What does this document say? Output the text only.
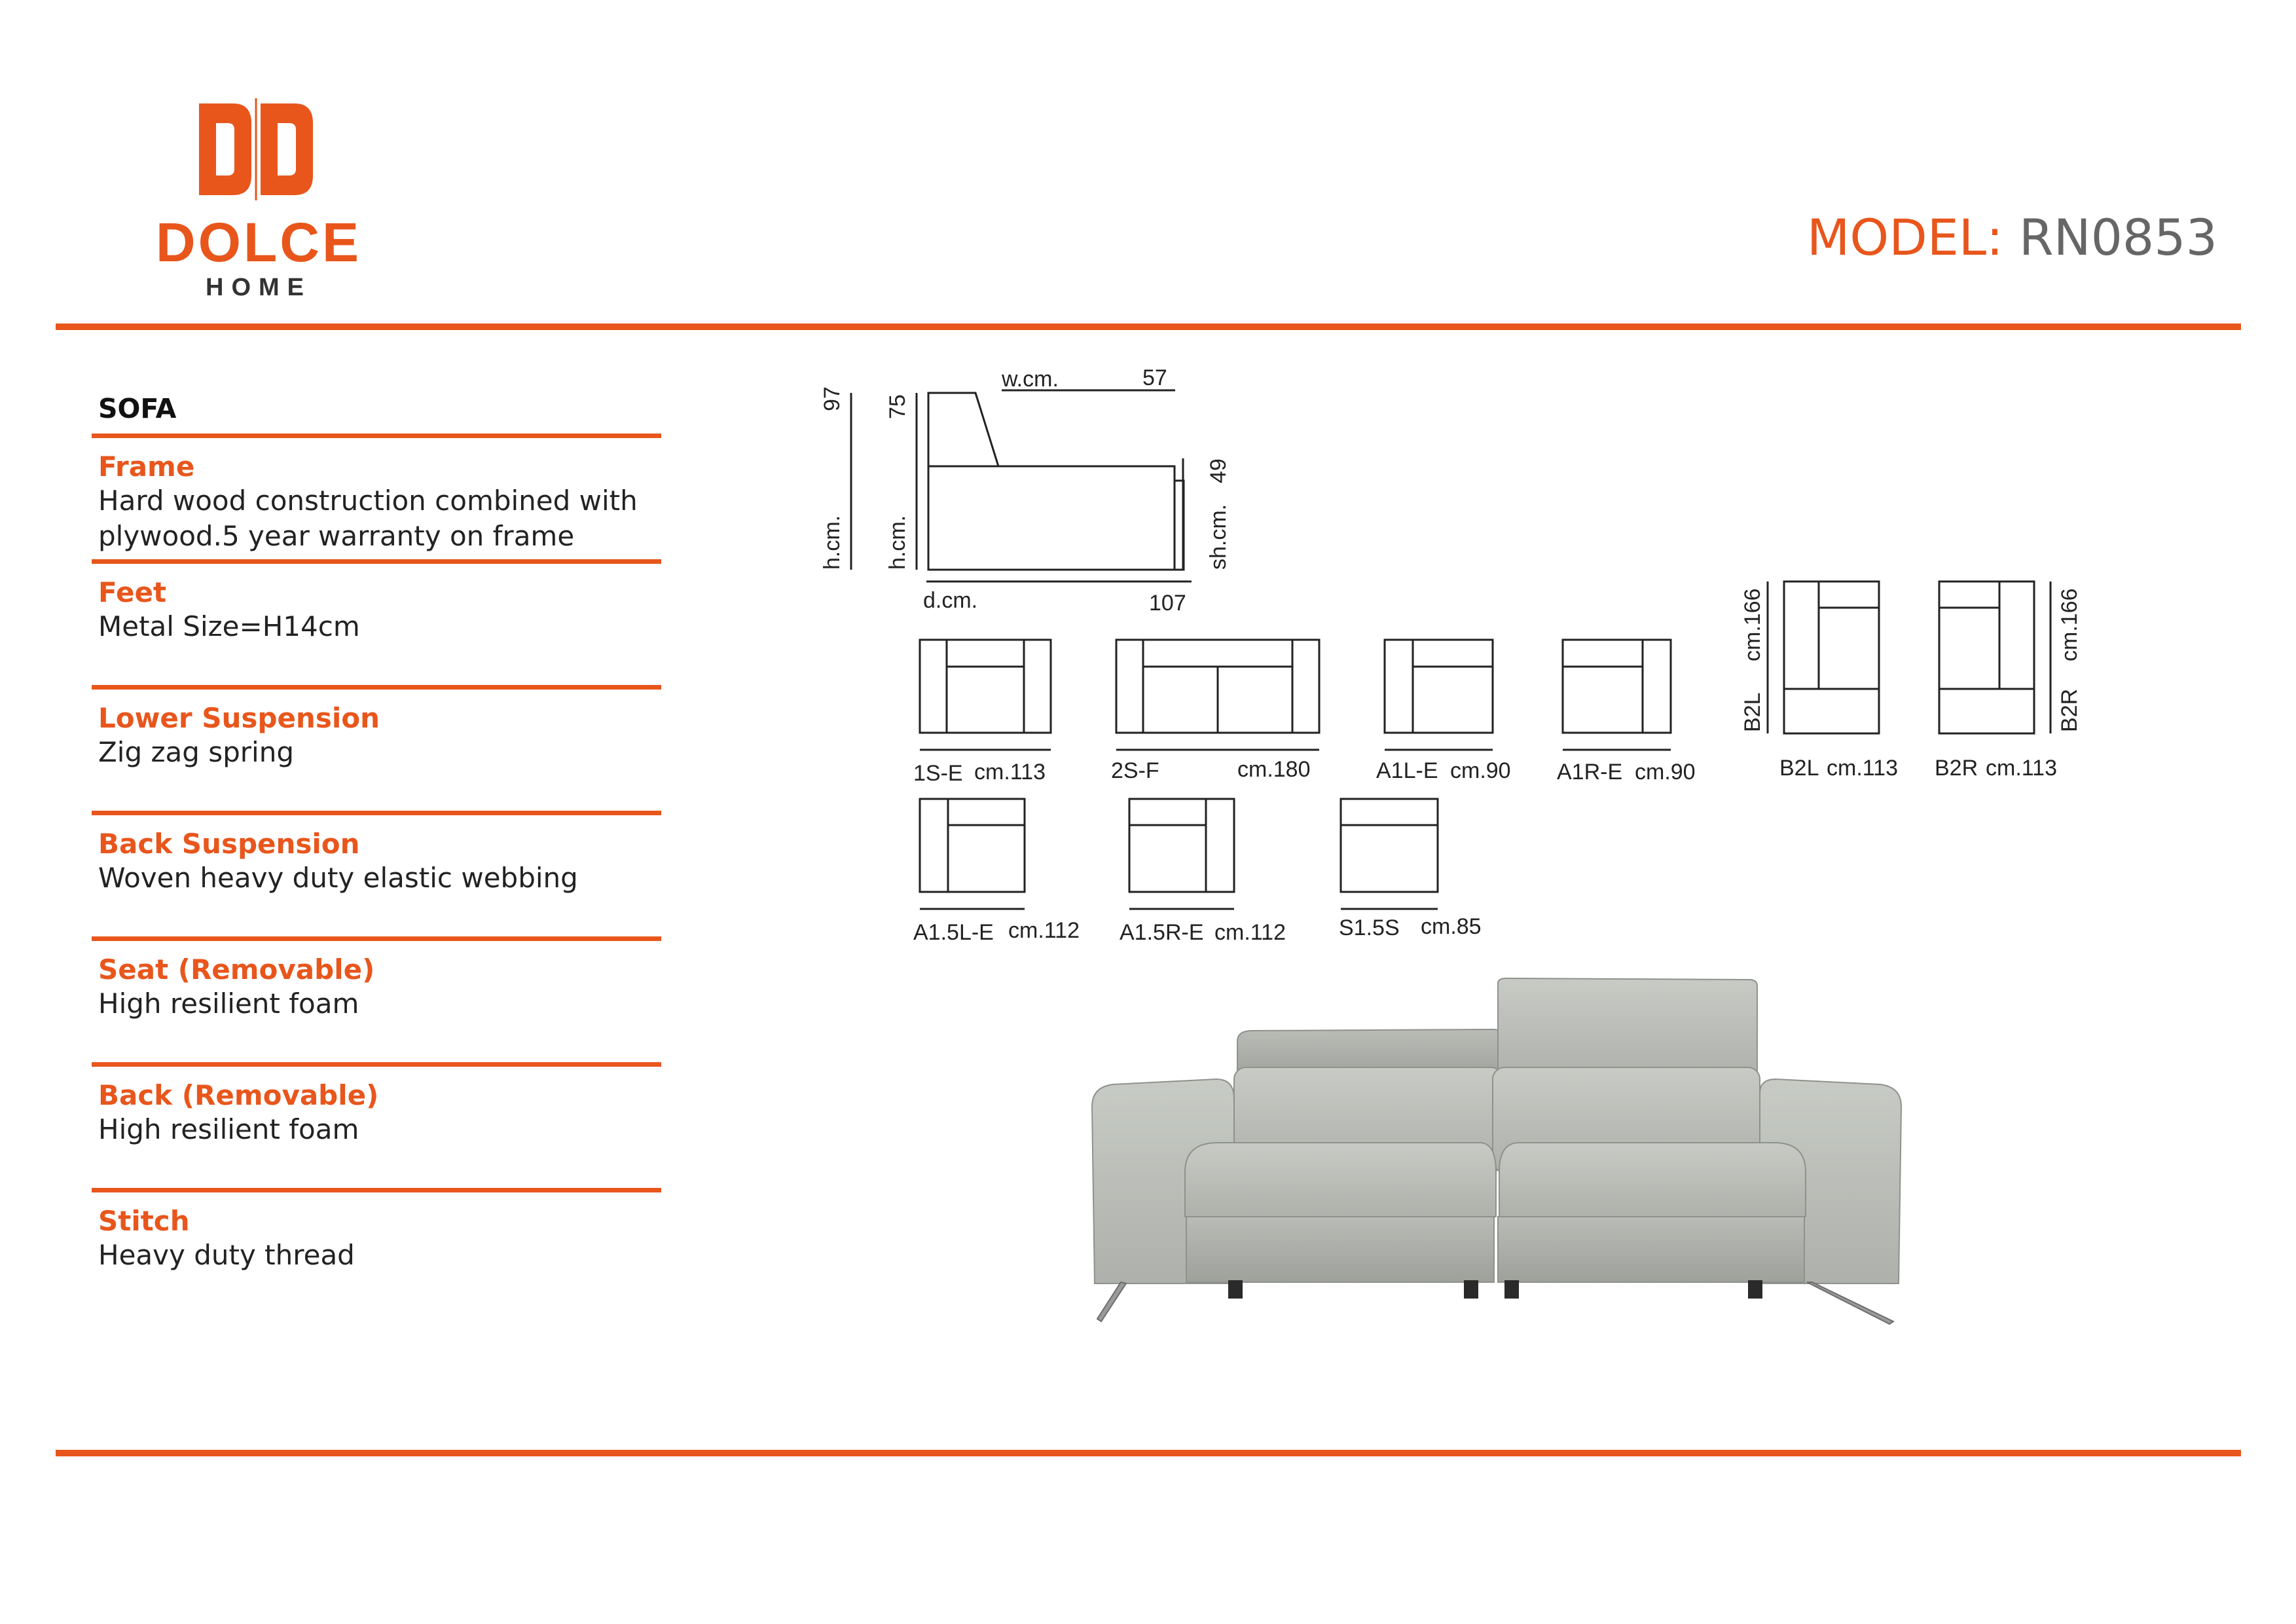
DOLCE
HOME
MODEL: RN0853
SOFA
Frame
Hard wood construction combined with plywood.5 year warranty on frame
Feet
Metal Size=H14cm
Lower Suspension
Zig zag spring
Back Suspension
Woven heavy duty elastic webbing
Seat (Removable)
High resilient foam
Back (Removable)
High resilient foam
Stitch
Heavy duty thread
h.cm.
97
h.cm.
75
w.cm.	57
sh.cm.
49
d.cm.	107
1S-E cm.113	2S-F	cm.180	A1L-E cm.90 A1R-E cm.90	B2L cm.113 B2R cm.113
B2L
cm.166
B2R
cm.166
A1.5L-E cm.112 A1.5R-E cm.112 S1.5S cm.85
